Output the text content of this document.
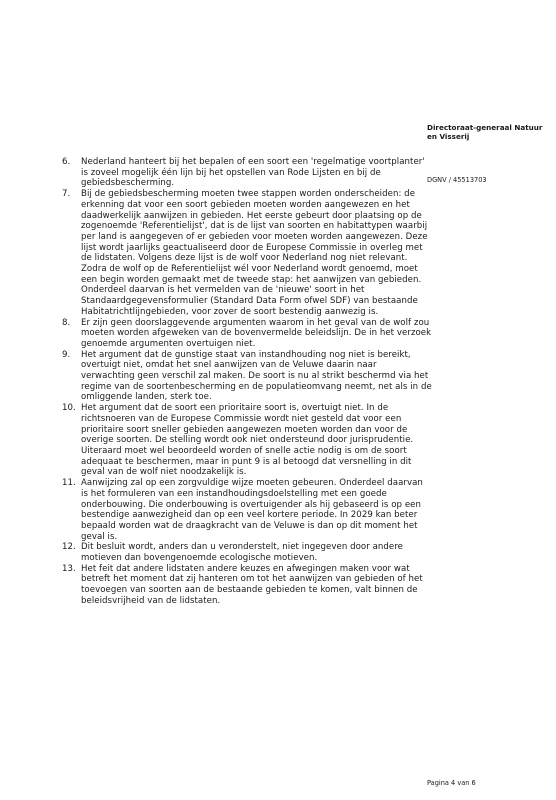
Directoraat-generaal Natuur
en Visserij
DGNV / 45513703
6.	Nederland hanteert bij het bepalen of een soort een 'regelmatige voortplanter' is zoveel mogelijk één lijn bij het opstellen van Rode Lijsten en bij de gebiedsbescherming.
7.	Bij de gebiedsbescherming moeten twee stappen worden onderscheiden: de erkenning dat voor een soort gebieden moeten worden aangewezen en het daadwerkelijk aanwijzen in gebieden. Het eerste gebeurt door plaatsing op de zogenoemde 'Referentielijst', dat is de lijst van soorten en habitattypen waarbij per land is aangegeven of er gebieden voor moeten worden aangewezen. Deze lijst wordt jaarlijks geactualiseerd door de Europese Commissie in overleg met de lidstaten. Volgens deze lijst is de wolf voor Nederland nog niet relevant. Zodra de wolf op de Referentielijst wél voor Nederland wordt genoemd, moet een begin worden gemaakt met de tweede stap: het aanwijzen van gebieden. Onderdeel daarvan is het vermelden van de 'nieuwe' soort in het Standaardgegevensformulier (Standard Data Form ofwel SDF) van bestaande Habitatrichtlijngebieden, voor zover de soort bestendig aanwezig is.
8.	Er zijn geen doorslaggevende argumenten waarom in het geval van de wolf zou moeten worden afgeweken van de bovenvermelde beleidslijn. De in het verzoek genoemde argumenten overtuigen niet.
9.	Het argument dat de gunstige staat van instandhouding nog niet is bereikt, overtuigt niet, omdat het snel aanwijzen van de Veluwe daarin naar verwachting geen verschil zal maken. De soort is nu al strikt beschermd via het regime van de soortenbescherming en de populatieomvang neemt, net als in de omliggende landen, sterk toe.
10. Het argument dat de soort een prioritaire soort is, overtuigt niet. In de richtsnoeren van de Europese Commissie wordt niet gesteld dat voor een prioritaire soort sneller gebieden aangewezen moeten worden dan voor de overige soorten. De stelling wordt ook niet ondersteund door jurisprudentie. Uiteraard moet wel beoordeeld worden of snelle actie nodig is om de soort adequaat te beschermen, maar in punt 9 is al betoogd dat versnelling in dit geval van de wolf niet noodzakelijk is.
11. Aanwijzing zal op een zorgvuldige wijze moeten gebeuren. Onderdeel daarvan is het formuleren van een instandhoudingsdoelstelling met een goede onderbouwing. Die onderbouwing is overtuigender als hij gebaseerd is op een bestendige aanwezigheid dan op een veel kortere periode. In 2029 kan beter bepaald worden wat de draagkracht van de Veluwe is dan op dit moment het geval is.
12. Dit besluit wordt, anders dan u veronderstelt, niet ingegeven door andere motieven dan bovengenoemde ecologische motieven.
13. Het feit dat andere lidstaten andere keuzes en afwegingen maken voor wat betreft het moment dat zij hanteren om tot het aanwijzen van gebieden of het toevoegen van soorten aan de bestaande gebieden te komen, valt binnen de beleidsvrijheid van de lidstaten.
Pagina 4 van 6
